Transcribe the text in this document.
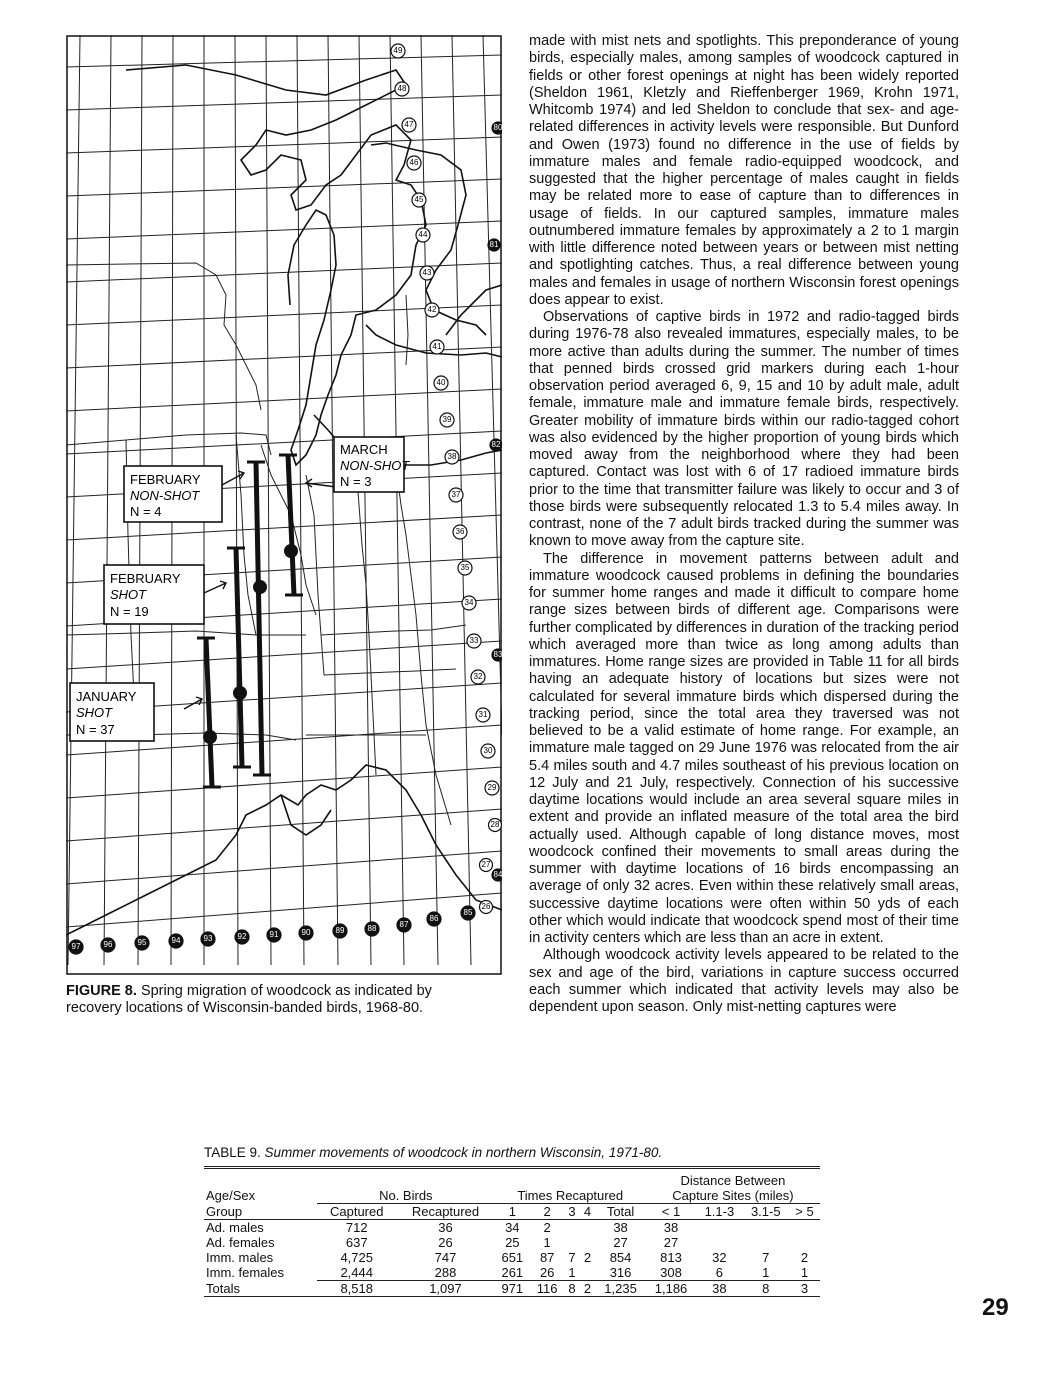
49
48
47
46
45
44
43
42
41
40
39
38
37
36
35
34
33
32
31
30
29
28
27
26
97	96	95	94	93	92	91	90	89	88	87
86
85
84
83
82
81
80
FEBRUARY
NON-SHOT
N = 4
MARCH
NON-SHOT
N = 3
FEBRUARY
SHOT
N = 19
JANUARY
SHOT
N = 37

FIGURE 8. Spring migration of woodcock as indicated by recovery locations of Wisconsin-banded birds, 1968-80.

made with mist nets and spotlights. This preponderance of young birds, especially males, among samples of woodcock captured in fields or other forest openings at night has been widely reported (Sheldon 1961, Kletzly and Rieffenberger 1969, Krohn 1971, Whitcomb 1974) and led Sheldon to conclude that sex- and age-related differences in activity levels were responsible. But Dunford and Owen (1973) found no difference in the use of fields by immature males and female radio-equipped woodcock, and suggested that the higher percentage of males caught in fields may be related more to ease of capture than to differences in usage of fields. In our captured samples, immature males outnumbered immature females by approximately a 2 to 1 margin with little difference noted between years or between mist netting and spotlighting catches. Thus, a real difference between young males and females in usage of northern Wisconsin forest openings does appear to exist.

Observations of captive birds in 1972 and radio-tagged birds during 1976-78 also revealed immatures, especially males, to be more active than adults during the summer. The number of times that penned birds crossed grid markers during each 1-hour observation period averaged 6, 9, 15 and 10 by adult male, adult female, immature male and immature female birds, respectively. Greater mobility of immature birds within our radio-tagged cohort was also evidenced by the higher proportion of young birds which moved away from the neighborhood where they had been captured. Contact was lost with 6 of 17 radioed immature birds prior to the time that transmitter failure was likely to occur and 3 of those birds were subsequently relocated 1.3 to 5.4 miles away. In contrast, none of the 7 adult birds tracked during the summer was known to move away from the capture site.

The difference in movement patterns between adult and immature woodcock caused problems in defining the boundaries for summer home ranges and made it difficult to compare home range sizes between birds of different age. Comparisons were further complicated by differences in duration of the tracking period which averaged more than twice as long among adults than immatures. Home range sizes are provided in Table 11 for all birds having an adequate history of locations but sizes were not calculated for several immature birds which dispersed during the tracking period, since the total area they traversed was not believed to be a valid estimate of home range. For example, an immature male tagged on 29 June 1976 was relocated from the air 5.4 miles south and 4.7 miles southeast of his previous location on 12 July and 21 July, respectively. Connection of his successive daytime locations would include an area several square miles in extent and provide an inflated measure of the total area the bird actually used. Although capable of long distance moves, most woodcock confined their movements to small areas during the summer with daytime locations of 16 birds encompassing an average of only 32 acres. Even within these relatively small areas, successive daytime locations were often within 50 yds of each other which would indicate that woodcock spend most of their time in activity centers which are less than an acre in extent.

Although woodcock activity levels appeared to be related to the sex and age of the bird, variations in capture success occurred each summer which indicated that activity levels may also be dependent upon season. Only mist-netting captures were

TABLE 9. Summer movements of woodcock in northern Wisconsin, 1971-80.
								Distance Between			
Age/Sex	No. Birds		Times Recaptured					Capture Sites (miles)			
Group	Captured	Recaptured	1	2	3	4	Total	< 1	1.1-3	3.1-5	> 5
Ad. males	712	36	34	2			38	38			
Ad. females	637	26	25	1			27	27			
Imm. males	4,725	747	651	87	7	2	854	813	32	7	2
Imm. females	2,444	288	261	26	1		316	308	6	1	1
Totals	8,518	1,097	971	116	8	2	1,235	1,186	38	8	3
29
